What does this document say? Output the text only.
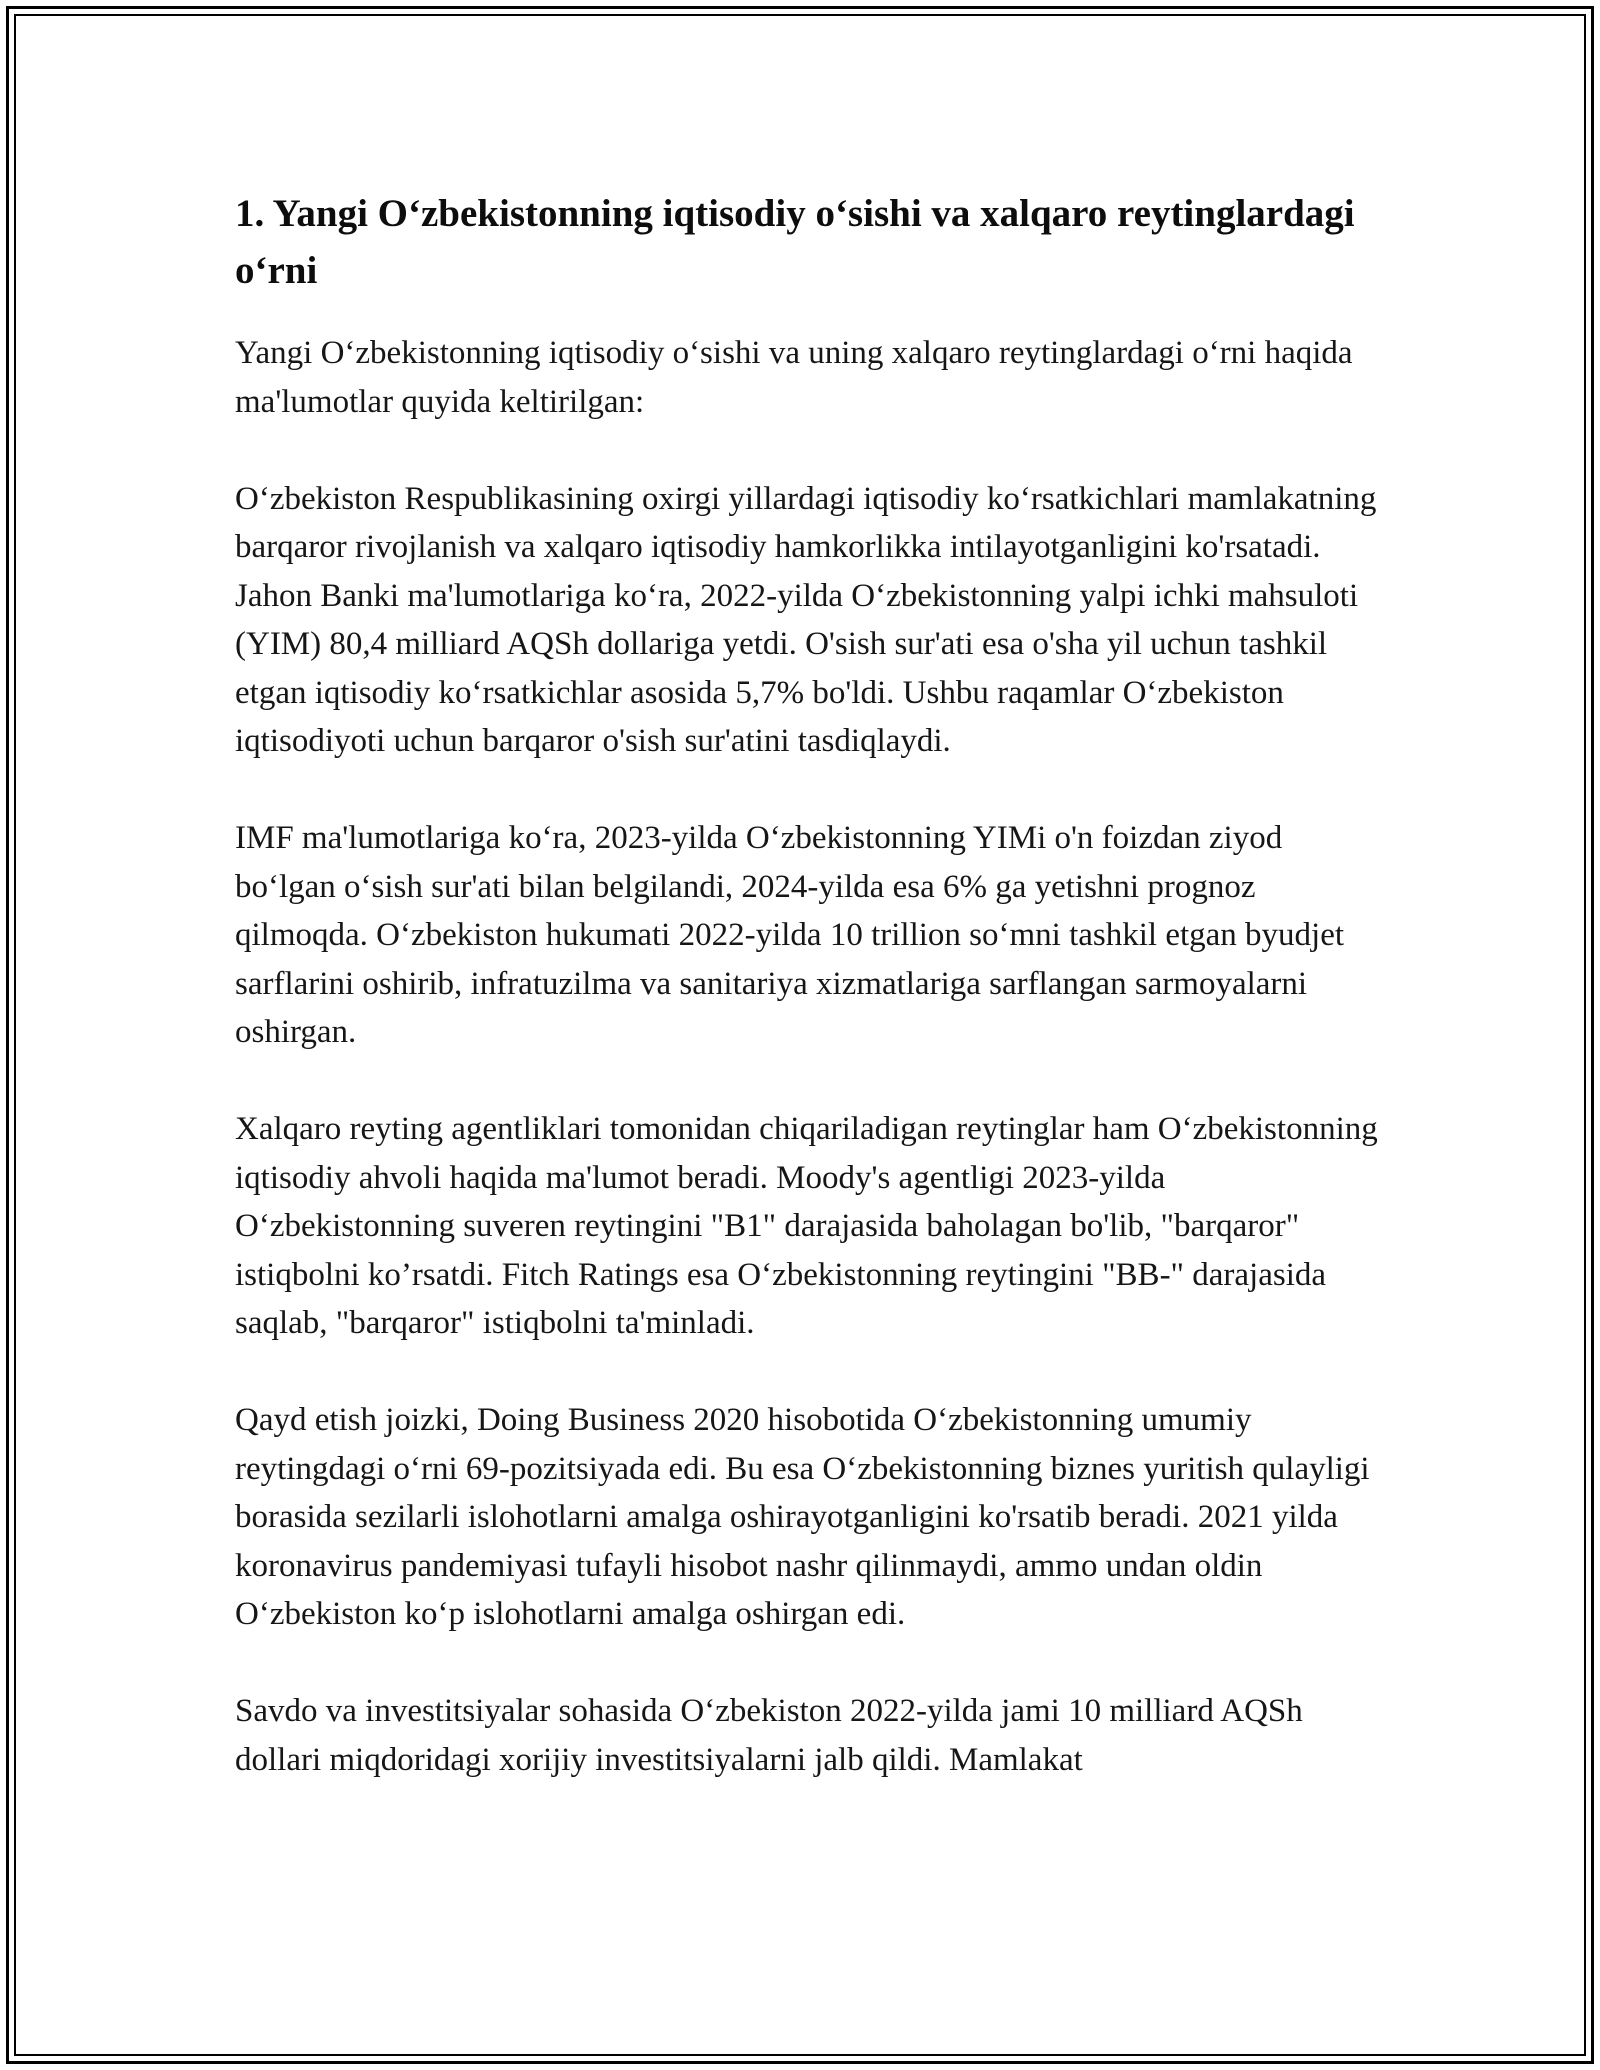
1. Yangi O‘zbekistonning iqtisodiy o‘sishi va xalqaro reytinglardagi o‘rni

Yangi O‘zbekistonning iqtisodiy o‘sishi va uning xalqaro reytinglardagi o‘rni haqida ma'lumotlar quyida keltirilgan:

O‘zbekiston Respublikasining oxirgi yillardagi iqtisodiy ko‘rsatkichlari mamlakatning barqaror rivojlanish va xalqaro iqtisodiy hamkorlikka intilayotganligini ko'rsatadi. Jahon Banki ma'lumotlariga ko‘ra, 2022-yilda O‘zbekistonning yalpi ichki mahsuloti (YIM) 80,4 milliard AQSh dollariga yetdi. O'sish sur'ati esa o'sha yil uchun tashkil etgan iqtisodiy ko‘rsatkichlar asosida 5,7% bo'ldi. Ushbu raqamlar O‘zbekiston iqtisodiyoti uchun barqaror o'sish sur'atini tasdiqlaydi.

IMF ma'lumotlariga ko‘ra, 2023-yilda O‘zbekistonning YIMi o'n foizdan ziyod bo‘lgan o‘sish sur'ati bilan belgilandi, 2024-yilda esa 6% ga yetishni prognoz qilmoqda. O‘zbekiston hukumati 2022-yilda 10 trillion so‘mni tashkil etgan byudjet sarflarini oshirib, infratuzilma va sanitariya xizmatlariga sarflangan sarmoyalarni oshirgan.

Xalqaro reyting agentliklari tomonidan chiqariladigan reytinglar ham O‘zbekistonning iqtisodiy ahvoli haqida ma'lumot beradi. Moody's agentligi 2023-yilda O‘zbekistonning suveren reytingini "B1" darajasida baholagan bo'lib, "barqaror" istiqbolni ko’rsatdi. Fitch Ratings esa O‘zbekistonning reytingini "BB-" darajasida saqlab, "barqaror" istiqbolni ta'minladi.

Qayd etish joizki, Doing Business 2020 hisobotida O‘zbekistonning umumiy reytingdagi o‘rni 69-pozitsiyada edi. Bu esa O‘zbekistonning biznes yuritish qulayligi borasida sezilarli islohotlarni amalga oshirayotganligini ko'rsatib beradi. 2021 yilda koronavirus pandemiyasi tufayli hisobot nashr qilinmaydi, ammo undan oldin O‘zbekiston ko‘p islohotlarni amalga oshirgan edi.

Savdo va investitsiyalar sohasida O‘zbekiston 2022-yilda jami 10 milliard AQSh dollari miqdoridagi xorijiy investitsiyalarni jalb qildi. Mamlakat
